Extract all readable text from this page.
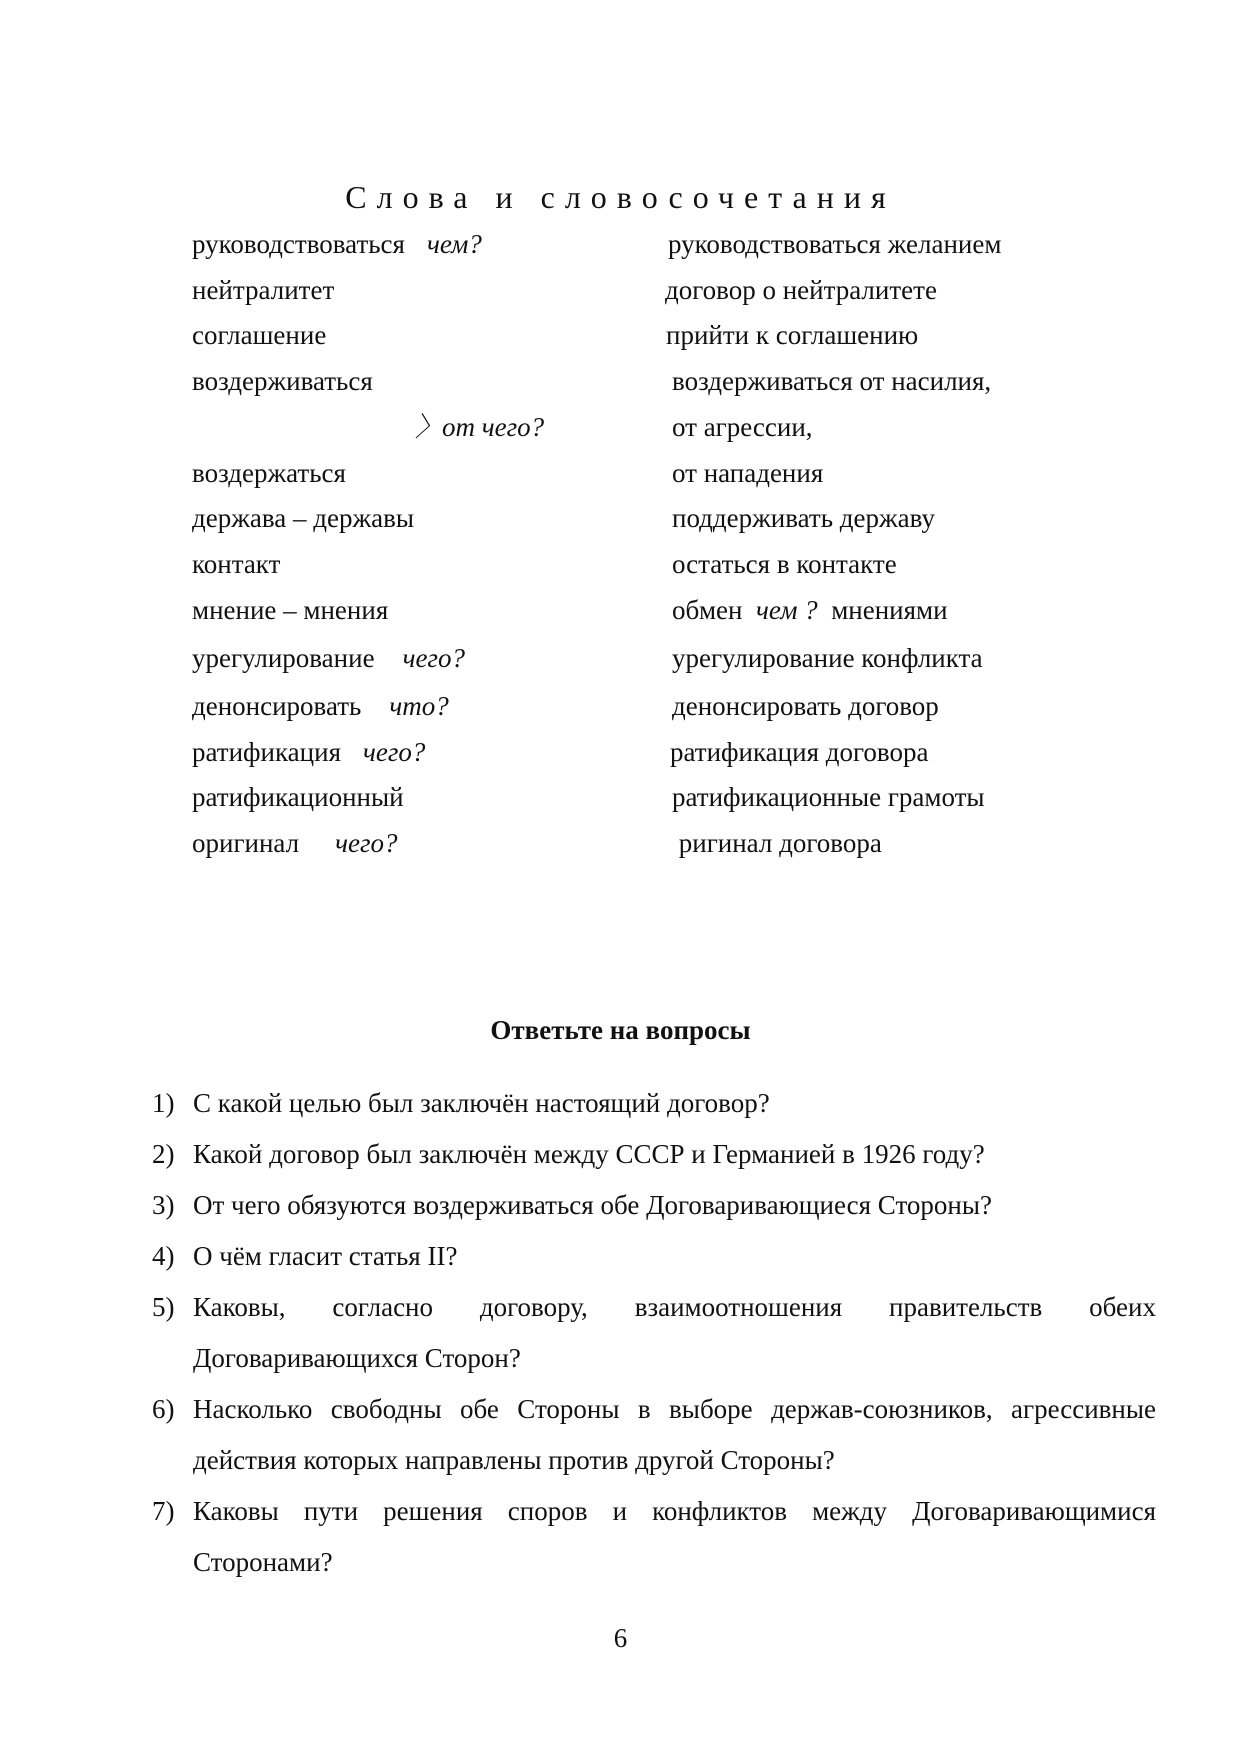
Слова и словосочетания
руководствоваться чем?	руководствоваться желанием
нейтралитет	договор о нейтралитете
соглашение	прийти к соглашению
воздерживаться	воздерживаться от насилия,
〉от чего?	от агрессии,
воздержаться	от нападения
держава – державы	поддерживать державу
контакт	остаться в контакте
мнение – мнения	обмен чем ? мнениями
урегулирование чего?	урегулирование конфликта
денонсировать что?	денонсировать договор
ратификация чего?	ратификация договора
ратификационный	ратификационные грамоты
оригинал чего?	ригинал договора
Ответьте на вопросы
1) С какой целью был заключён настоящий договор?
2) Какой договор был заключён между СССР и Германией в 1926 году?
3) От чего обязуются воздерживаться обе Договаривающиеся Стороны?
4) О чём гласит статья II?
5) Каковы, согласно договору, взаимоотношения правительств обеих Договаривающихся Сторон?
6) Насколько свободны обе Стороны в выборе держав-союзников, агрессивные действия которых направлены против другой Стороны?
7) Каковы пути решения споров и конфликтов между Договаривающимися Сторонами?
6
